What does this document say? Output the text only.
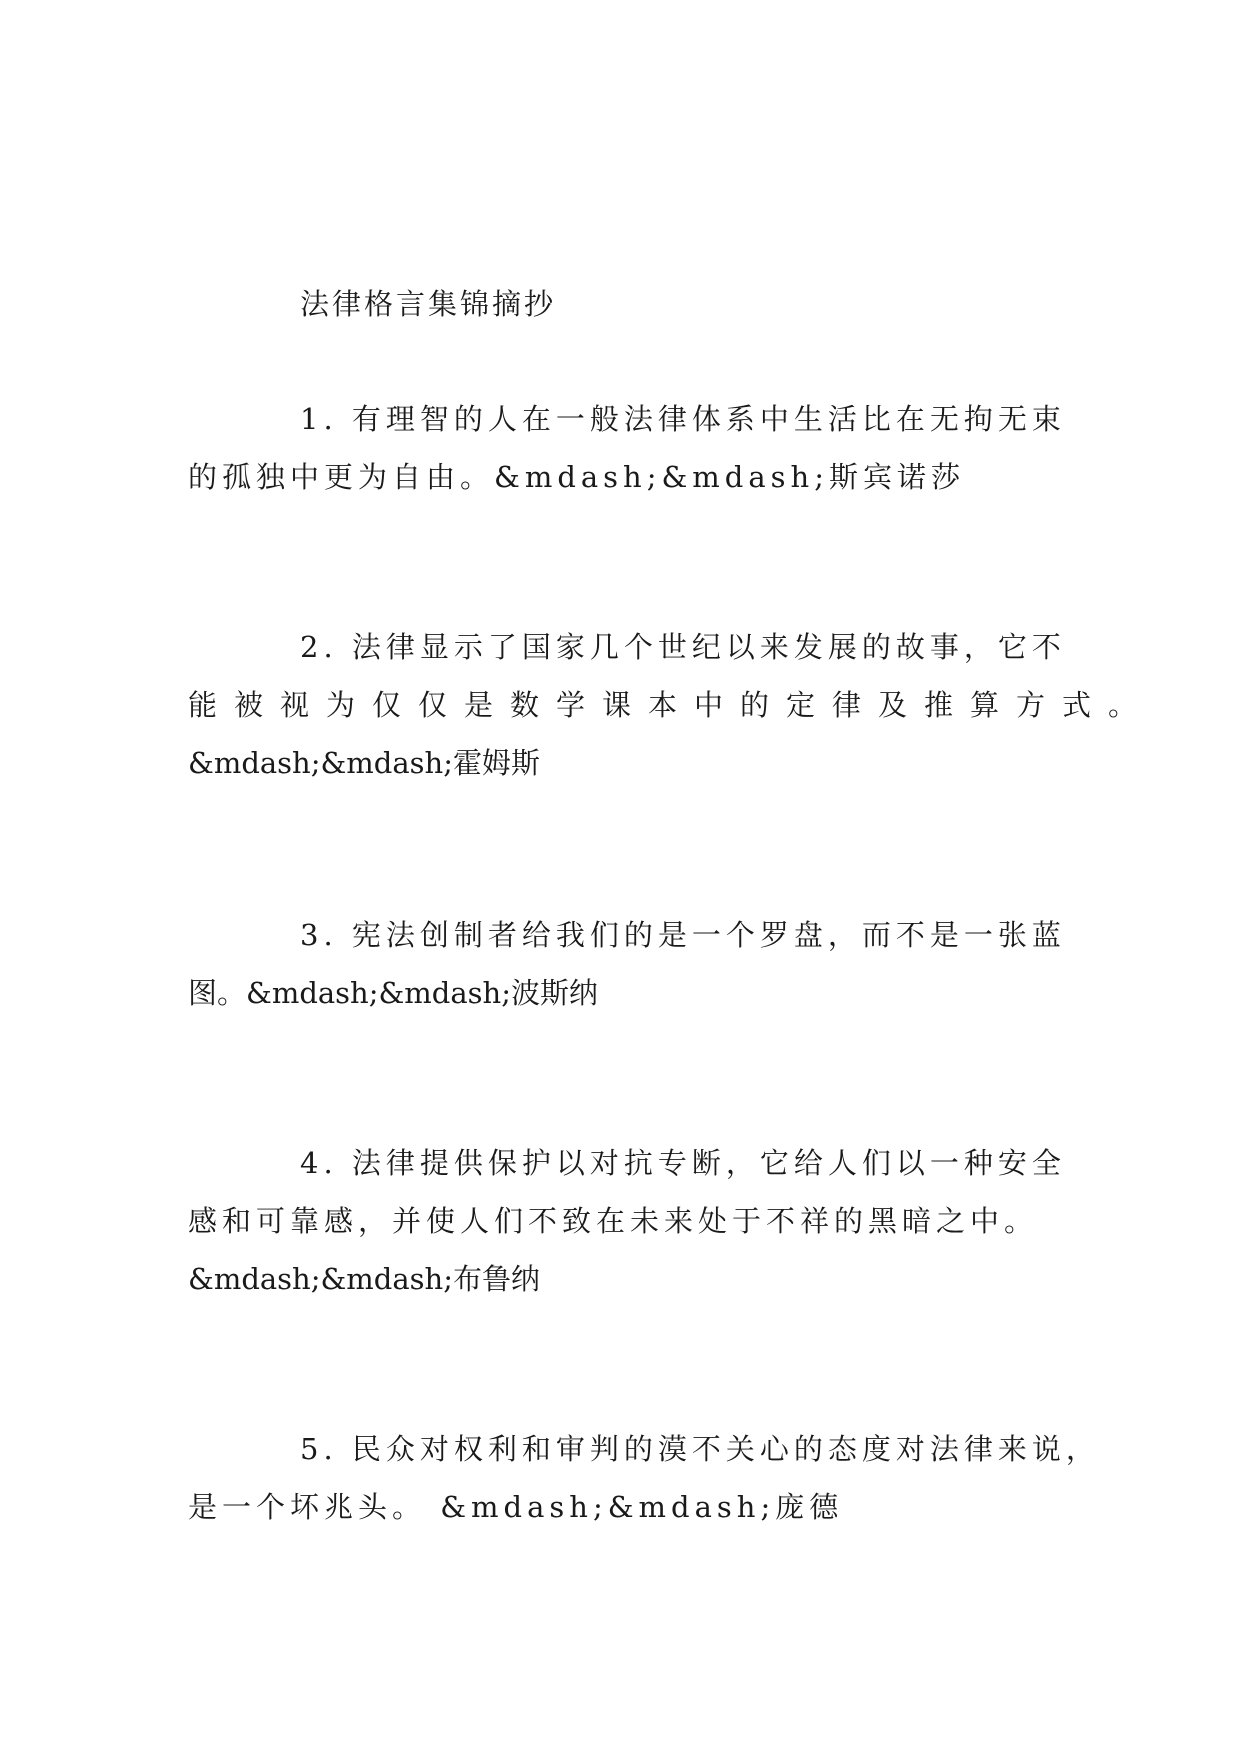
法律格言集锦摘抄
1. 有理智的人在一般法律体系中生活比在无拘无束
的孤独中更为自由。&mdash;&mdash;斯宾诺莎
2. 法律显示了国家几个世纪以来发展的故事，它不
能被视为仅仅是数学课本中的定律及推算方式。
&mdash;&mdash;霍姆斯
3. 宪法创制者给我们的是一个罗盘，而不是一张蓝
图。&mdash;&mdash;波斯纳
4. 法律提供保护以对抗专断，它给人们以一种安全
感和可靠感，并使人们不致在未来处于不祥的黑暗之中。
&mdash;&mdash;布鲁纳
5. 民众对权利和审判的漠不关心的态度对法律来说，
是一个坏兆头。 &mdash;&mdash;庞德
